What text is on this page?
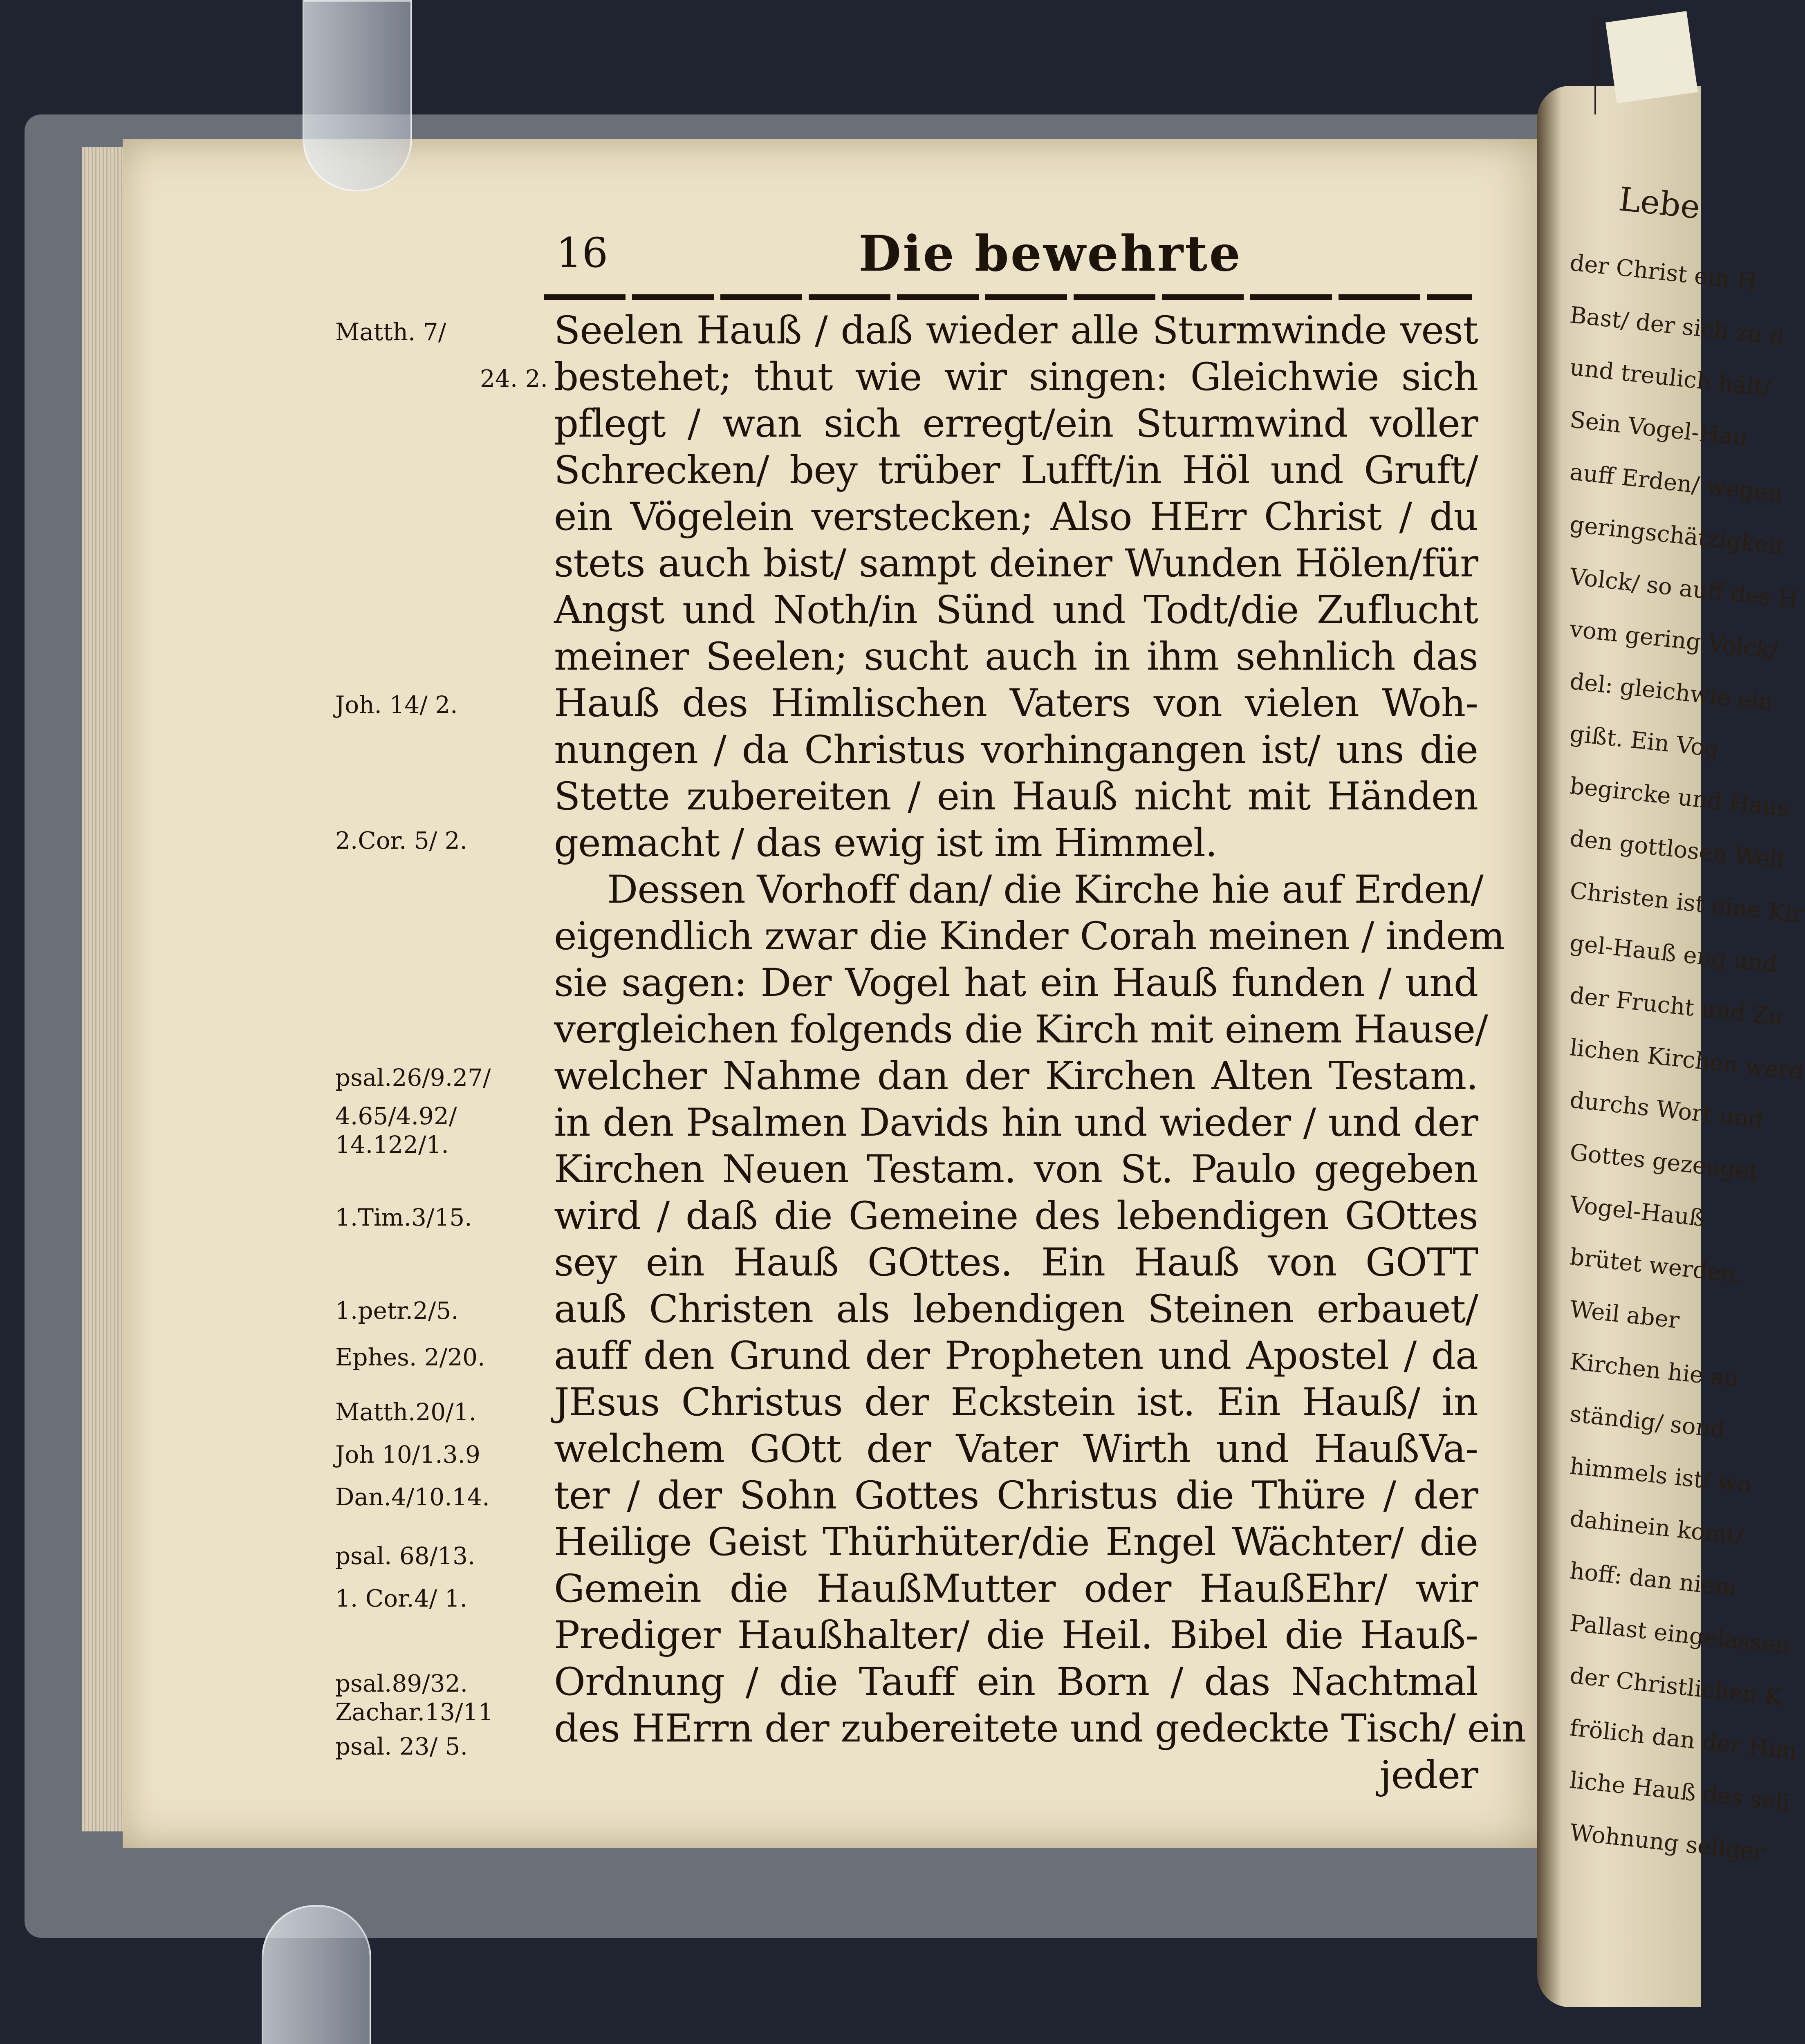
Lebe
der Christ ein H
Bast/ der sich zu d
und treulich hält/
Sein Vogel-Hau
auff Erden/ wegen
geringschätzigkeit
Volck/ so auff des H
vom gering Volck/
del: gleichwie ein
gißt. Ein Vog
begircke und Haus
den gottlosen Welt
Christen ist eine Kir
gel-Hauß eng und
der Frucht und Zu
lichen Kirchen werd
durchs Wort und
Gottes gezeuget
Vogel-Hauß
brütet werden.
Weil aber
Kirchen hie au
ständig/ sond
himmels ist/ wo
dahinein komt/
hoff: dan niem
Pallast eingelassen
der Christlichen K
frölich dan der Him
liche Hauß des seli
Wohnung seliger
16	Die bewehrte
Seelen Hauß / daß wieder alle Sturmwinde vest
bestehet; thut wie wir singen: Gleichwie sich
pflegt / wan sich erregt/ein Sturmwind voller
Schrecken/ bey trüber Lufft/in Höl und Gruft/
ein Vögelein verstecken; Also HErr Christ / du
stets auch bist/ sampt deiner Wunden Hölen/für
Angst und Noth/in Sünd und Todt/die Zuflucht
meiner Seelen; sucht auch in ihm sehnlich das
Hauß des Himlischen Vaters von vielen Woh-
nungen / da Christus vorhingangen ist/ uns die
Stette zubereiten / ein Hauß nicht mit Händen
gemacht / das ewig ist im Himmel.
Dessen Vorhoff dan/ die Kirche hie auf Erden/
eigendlich zwar die Kinder Corah meinen / indem
sie sagen: Der Vogel hat ein Hauß funden / und
vergleichen folgends die Kirch mit einem Hause/
welcher Nahme dan der Kirchen Alten Testam.
in den Psalmen Davids hin und wieder / und der
Kirchen Neuen Testam. von St. Paulo gegeben
wird / daß die Gemeine des lebendigen GOttes
sey ein Hauß GOttes. Ein Hauß von GOTT
auß Christen als lebendigen Steinen erbauet/
auff den Grund der Propheten und Apostel / da
JEsus Christus der Eckstein ist. Ein Hauß/ in
welchem GOtt der Vater Wirth und HaußVa-
ter / der Sohn Gottes Christus die Thüre / der
Heilige Geist Thürhüter/die Engel Wächter/ die
Gemein die HaußMutter oder HaußEhr/ wir
Prediger Haußhalter/ die Heil. Bibel die Hauß-
Ordnung / die Tauff ein Born / das Nachtmal
des HErrn der zubereitete und gedeckte Tisch/ ein
jeder
Matth. 7/
24. 2.
Joh. 14/ 2.
2.Cor. 5/ 2.
psal.26/9.27/
4.65/4.92/
14.122/1.
1.Tim.3/15.
1.petr.2/5.
Ephes. 2/20.
Matth.20/1.
Joh 10/1.3.9
Dan.4/10.14.
psal. 68/13.
1. Cor.4/ 1.
psal.89/32.
Zachar.13/11
psal. 23/ 5.
